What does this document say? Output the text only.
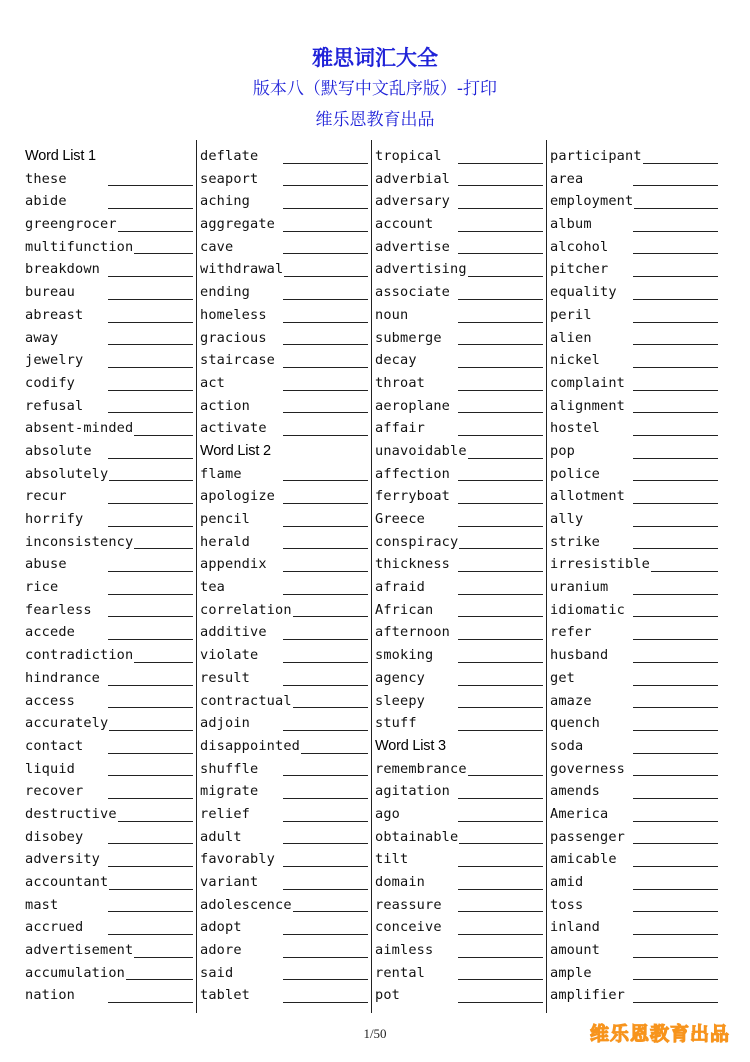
雅思词汇大全
版本八（默写中文乱序版）-打印
维乐恩教育出品
Word List 1
these
abide
greengrocer
multifunction
breakdown
bureau
abreast
away
jewelry
codify
refusal
absent-minded
absolute
absolutely
recur
horrify
inconsistency
abuse
rice
fearless
accede
contradiction
hindrance
access
accurately
contact
liquid
recover
destructive
disobey
adversity
accountant
mast
accrued
advertisement
accumulation
nation
deflate
seaport
aching
aggregate
cave
withdrawal
ending
homeless
gracious
staircase
act
action
activate
Word List 2
flame
apologize
pencil
herald
appendix
tea
correlation
additive
violate
result
contractual
adjoin
disappointed
shuffle
migrate
relief
adult
favorably
variant
adolescence
adopt
adore
said
tablet
tropical
adverbial
adversary
account
advertise
advertising
associate
noun
submerge
decay
throat
aeroplane
affair
unavoidable
affection
ferryboat
Greece
conspiracy
thickness
afraid
African
afternoon
smoking
agency
sleepy
stuff
Word List 3
remembrance
agitation
ago
obtainable
tilt
domain
reassure
conceive
aimless
rental
pot
participant
area
employment
album
alcohol
pitcher
equality
peril
alien
nickel
complaint
alignment
hostel
pop
police
allotment
ally
strike
irresistible
uranium
idiomatic
refer
husband
get
amaze
quench
soda
governess
amends
America
passenger
amicable
amid
toss
inland
amount
ample
amplifier
1/50	维乐恩教育出品
